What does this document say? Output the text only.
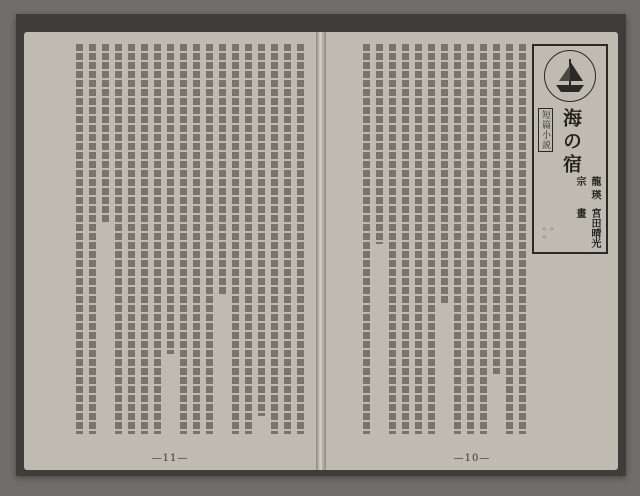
—11—
短篇小説 海の宿
龍 瑛 宗
宮田晴光 畫
◦ ◦
◦
—10—
